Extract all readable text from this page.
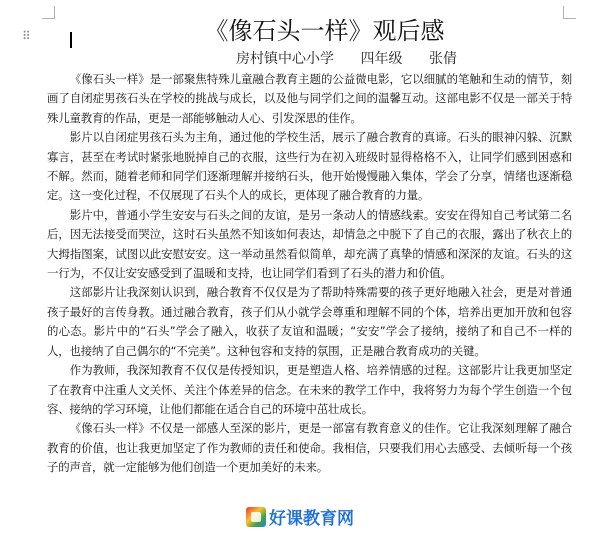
⠿	《像石头一样》观后感
房村镇中心小学 四年级 张倩

《像石头一样》是一部聚焦特殊儿童融合教育主题的公益微电影，它以细腻的笔触和生动的情节，刻画了自闭症男孩石头在学校的挑战与成长，以及他与同学们之间的温馨互动。这部电影不仅是一部关于特殊儿童教育的作品，更是一部能够触动人心、引发深思的佳作。

影片以自闭症男孩石头为主角，通过他的学校生活，展示了融合教育的真谛。石头的眼神闪躲、沉默寡言，甚至在考试时紧张地脱掉自己的衣服，这些行为在初入班级时显得格格不入，让同学们感到困惑和不解。然而，随着老师和同学们逐渐理解并接纳石头，他开始慢慢融入集体，学会了分享，情绪也逐渐稳定。这一变化过程，不仅展现了石头个人的成长，更体现了融合教育的力量。

影片中，普通小学生安安与石头之间的友谊，是另一条动人的情感线索。安安在得知自己考试第二名后，因无法接受而哭泣，这时石头虽然不知该如何表达，却情急之中脱下了自己的衣服，露出了秋衣上的大拇指图案，试图以此安慰安安。这一举动虽然看似简单，却充满了真挚的情感和深深的友谊。石头的这一行为，不仅让安安感受到了温暖和支持，也让同学们看到了石头的潜力和价值。

这部影片让我深刻认识到，融合教育不仅仅是为了帮助特殊需要的孩子更好地融入社会，更是对普通孩子最好的言传身教。通过融合教育，孩子们从小就学会尊重和理解不同的个体，培养出更加开放和包容的心态。影片中的“石头”学会了融入，收获了友谊和温暖；“安安”学会了接纳，接纳了和自己不一样的人，也接纳了自己偶尔的“不完美”。这种包容和支持的氛围，正是融合教育成功的关键。

作为教师，我深知教育不仅仅是传授知识，更是塑造人格、培养情感的过程。这部影片让我更加坚定了在教育中注重人文关怀、关注个体差异的信念。在未来的教学工作中，我将努力为每个学生创造一个包容、接纳的学习环境，让他们都能在适合自己的环境中茁壮成长。

《像石头一样》不仅是一部感人至深的影片，更是一部富有教育意义的佳作。它让我深刻理解了融合教育的价值，也让我更加坚定了作为教师的责任和使命。我相信，只要我们用心去感受、去倾听每一个孩子的声音，就一定能够为他们创造一个更加美好的未来。

好课教育网
